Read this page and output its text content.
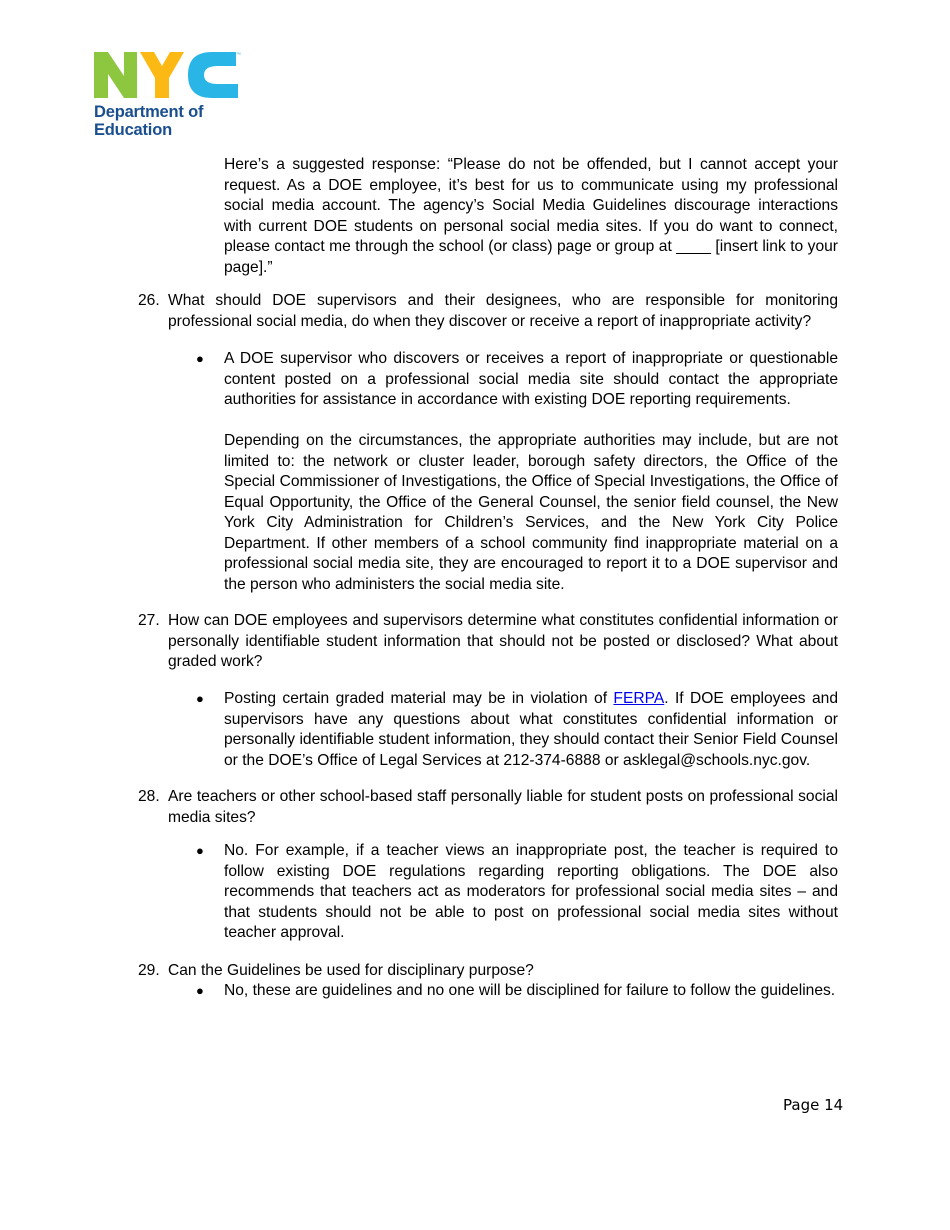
™
Department of
Education

Here’s a suggested response: “Please do not be offended, but I cannot accept your request. As a DOE employee, it’s best for us to communicate using my professional social media account. The agency’s Social Media Guidelines discourage interactions with current DOE students on personal social media sites. If you do want to connect, please contact me through the school (or class) page or group at ____ [insert link to your page].”

26. What should DOE supervisors and their designees, who are responsible for monitoring professional social media, do when they discover or receive a report of inappropriate activity?
● A DOE supervisor who discovers or receives a report of inappropriate or questionable content posted on a professional social media site should contact the appropriate authorities for assistance in accordance with existing DOE reporting requirements.

Depending on the circumstances, the appropriate authorities may include, but are not limited to: the network or cluster leader, borough safety directors, the Office of the Special Commissioner of Investigations, the Office of Special Investigations, the Office of Equal Opportunity, the Office of the General Counsel, the senior field counsel, the New York City Administration for Children’s Services, and the New York City Police Department. If other members of a school community find inappropriate material on a professional social media site, they are encouraged to report it to a DOE supervisor and the person who administers the social media site.

27. How can DOE employees and supervisors determine what constitutes confidential information or personally identifiable student information that should not be posted or disclosed? What about graded work?
● Posting certain graded material may be in violation of FERPA. If DOE employees and supervisors have any questions about what constitutes confidential information or personally identifiable student information, they should contact their Senior Field Counsel or the DOE’s Office of Legal Services at 212-374-6888 or asklegal@schools.nyc.gov.

28. Are teachers or other school-based staff personally liable for student posts on professional social media sites?
● No. For example, if a teacher views an inappropriate post, the teacher is required to follow existing DOE regulations regarding reporting obligations. The DOE also recommends that teachers act as moderators for professional social media sites – and that students should not be able to post on professional social media sites without teacher approval.

29. Can the Guidelines be used for disciplinary purpose?
● No, these are guidelines and no one will be disciplined for failure to follow the guidelines.

Page 14
